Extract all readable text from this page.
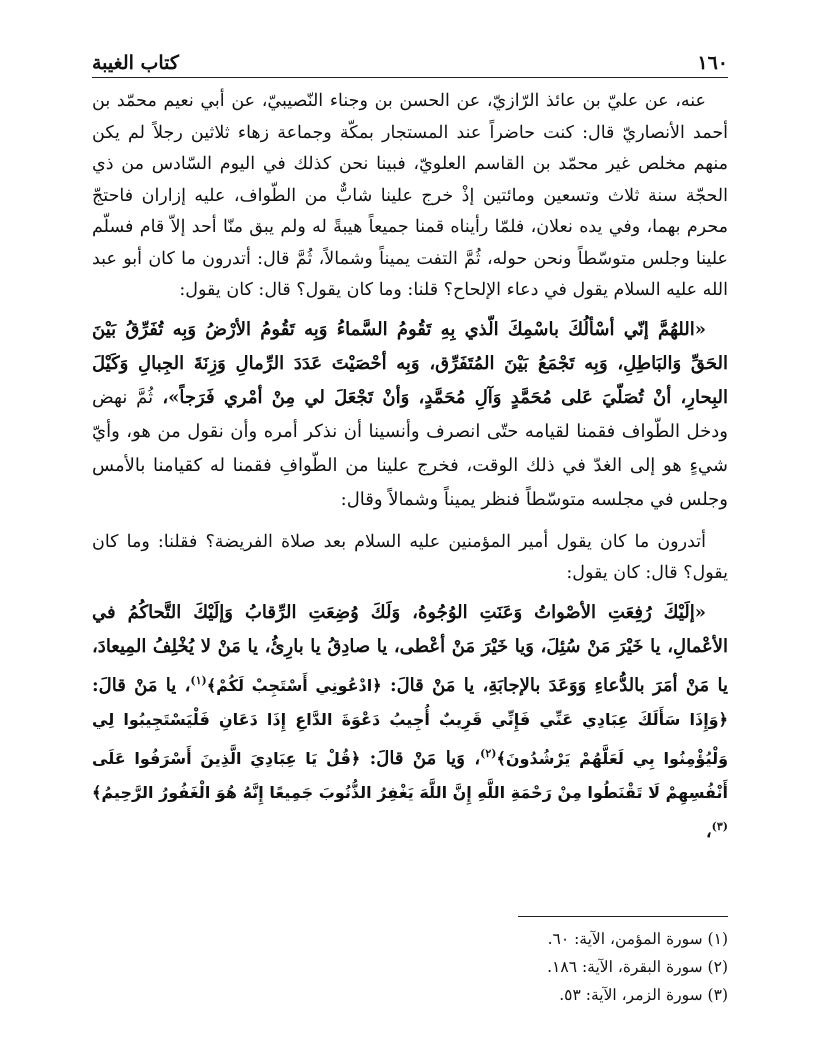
١٦٠
كتاب الغيبة

عنه، عن عليّ بن عائذ الرّازيّ، عن الحسن بن وجناء النّصيبيّ، عن أبي نعيم محمّد بن أحمد الأنصاريّ قال: كنت حاضراً عند المستجار بمكّة وجماعة زهاء ثلاثين رجلاً لم يكن منهم مخلص غير محمّد بن القاسم العلويّ، فبينا نحن كذلك في اليوم السّادس من ذي الحجّة سنة ثلاث وتسعين ومائتين إذْ خرج علينا شابٌّ من الطّواف، عليه إزاران فاحتجّ محرم بهما، وفي يده نعلان، فلمّا رأيناه قمنا جميعاً هيبةً له ولم يبق منّا أحد إلاّ قام فسلّم علينا وجلس متوسّطاً ونحن حوله، ثُمَّ التفت يميناً وشمالاً، ثُمَّ قال: أتدرون ما كان أبو عبد الله عليه السلام يقول في دعاء الإلحاح؟ قلنا: وما كان يقول؟ قال: كان يقول:

«اللهُمَّ إنّي أسْألُكَ باسْمِكَ الّذي بِهِ تَقُومُ السَّماءُ وَبِه تَقُومُ الأرْضُ وَبِه تُفَرِّقُ بَيْنَ الحَقِّ وَالبَاطِلِ، وَبِه تَجْمَعُ بَيْنَ المُتَفَرِّق، وَبِه أحْصَيْتَ عَدَدَ الرِّمالِ وَزِنَةَ الجِبالِ وَكَيْلَ البِحارِ، أنْ تُصَلّيَ عَلى مُحَمَّدٍ وَآلِ مُحَمَّدٍ، وَأنْ تَجْعَلَ لي مِنْ أمْري فَرَجاً»، ثُمَّ نهض ودخل الطّواف فقمنا لقيامه حتّى انصرف وأنسينا أن نذكر أمره وأن نقول من هو، وأيّ شيءٍ هو إلى الغدّ في ذلك الوقت، فخرج علينا من الطّوافِ فقمنا له كقيامنا بالأمس وجلس في مجلسه متوسّطاً فنظر يميناً وشمالاً وقال:

أتدرون ما كان يقول أمير المؤمنين عليه السلام بعد صلاة الفريضة؟ فقلنا: وما كان يقول؟ قال: كان يقول:

«إلَيْكَ رُفِعَتِ الأصْواتُ وَعَنَتِ الوُجُوهُ، وَلَكَ وُضِعَتِ الرِّقابُ وَإلَيْكَ التَّحاكُمُ في الأعْمالِ، يا خَيْرَ مَنْ سُئِلَ، وَيا خَيْرَ مَنْ أعْطى، يا صادِقُ يا بارِئُ، يا مَنْ لا يُخْلِفُ المِيعادَ، يا مَنْ أمَرَ بالدُّعاءِ وَوَعَدَ بالإجابَةِ، يا مَنْ قالَ: ﴿ادْعُونِي أَسْتَجِبْ لَكُمْ﴾$^{(١)}$، يا مَنْ قالَ: ﴿وَإِذَا سَأَلَكَ عِبَادِي عَنِّي فَإِنِّي قَرِيبٌ أُجِيبُ دَعْوَةَ الدَّاعِ إِذَا دَعَانِ فَلْيَسْتَجِيبُوا لِي وَلْيُؤْمِنُوا بِي لَعَلَّهُمْ يَرْشُدُونَ﴾$^{(٢)}$، وَيا مَنْ قالَ: ﴿قُلْ يَا عِبَادِيَ الَّذِينَ أَسْرَفُوا عَلَى أَنْفُسِهِمْ لَا تَقْنَطُوا مِنْ رَحْمَةِ اللَّهِ إِنَّ اللَّهَ يَغْفِرُ الذُّنُوبَ جَمِيعًا إِنَّهُ هُوَ الْغَفُورُ الرَّحِيمُ﴾$^{(٣)}$،

(١) سورة المؤمن، الآية: ٦٠.

(٢) سورة البقرة، الآية: ١٨٦.

(٣) سورة الزمر، الآية: ٥٣.
